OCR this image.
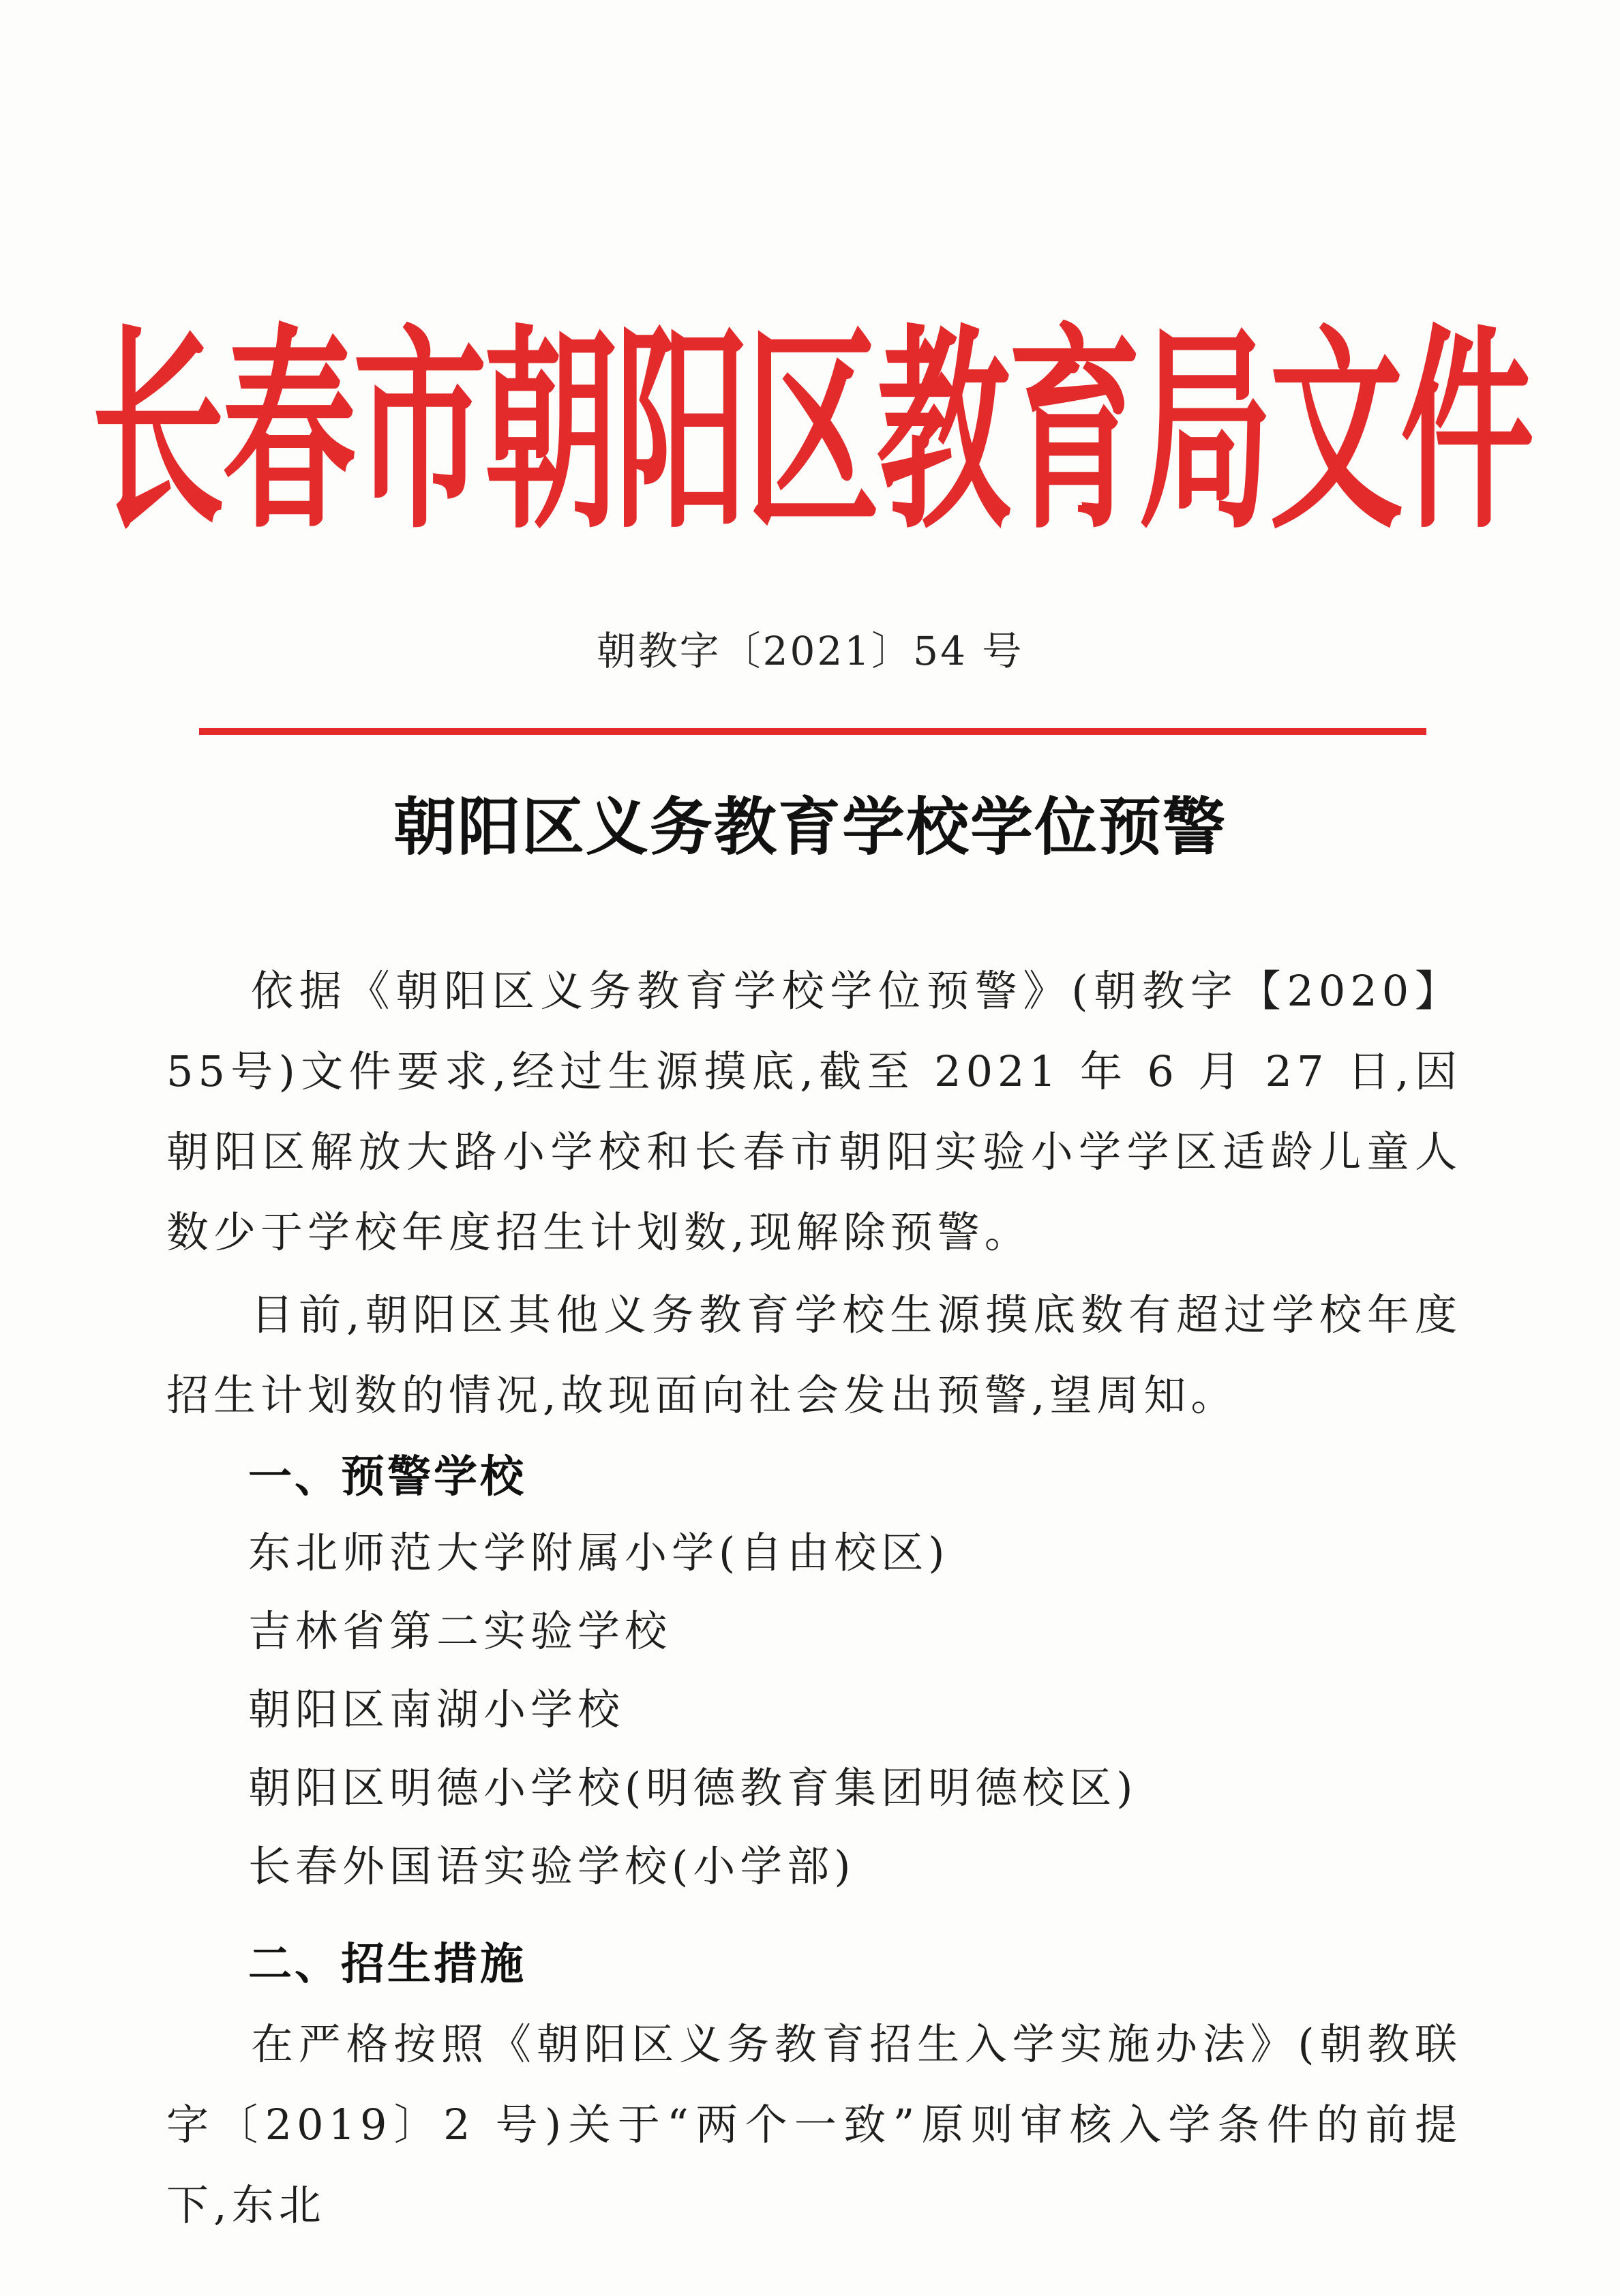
长春市朝阳区教育局文件
朝教字〔2021〕54 号
朝阳区义务教育学校学位预警

依据《朝阳区义务教育学校学位预警》(朝教字【2020】55号)文件要求,经过生源摸底,截至 2021 年 6 月 27 日,因朝阳区解放大路小学校和长春市朝阳实验小学学区适龄儿童人数少于学校年度招生计划数,现解除预警。

目前,朝阳区其他义务教育学校生源摸底数有超过学校年度招生计划数的情况,故现面向社会发出预警,望周知。

一、预警学校
东北师范大学附属小学(自由校区)
吉林省第二实验学校
朝阳区南湖小学校
朝阳区明德小学校(明德教育集团明德校区)
长春外国语实验学校(小学部)
二、招生措施

在严格按照《朝阳区义务教育招生入学实施办法》(朝教联字〔2019〕2 号)关于“两个一致”原则审核入学条件的前提下,东北
